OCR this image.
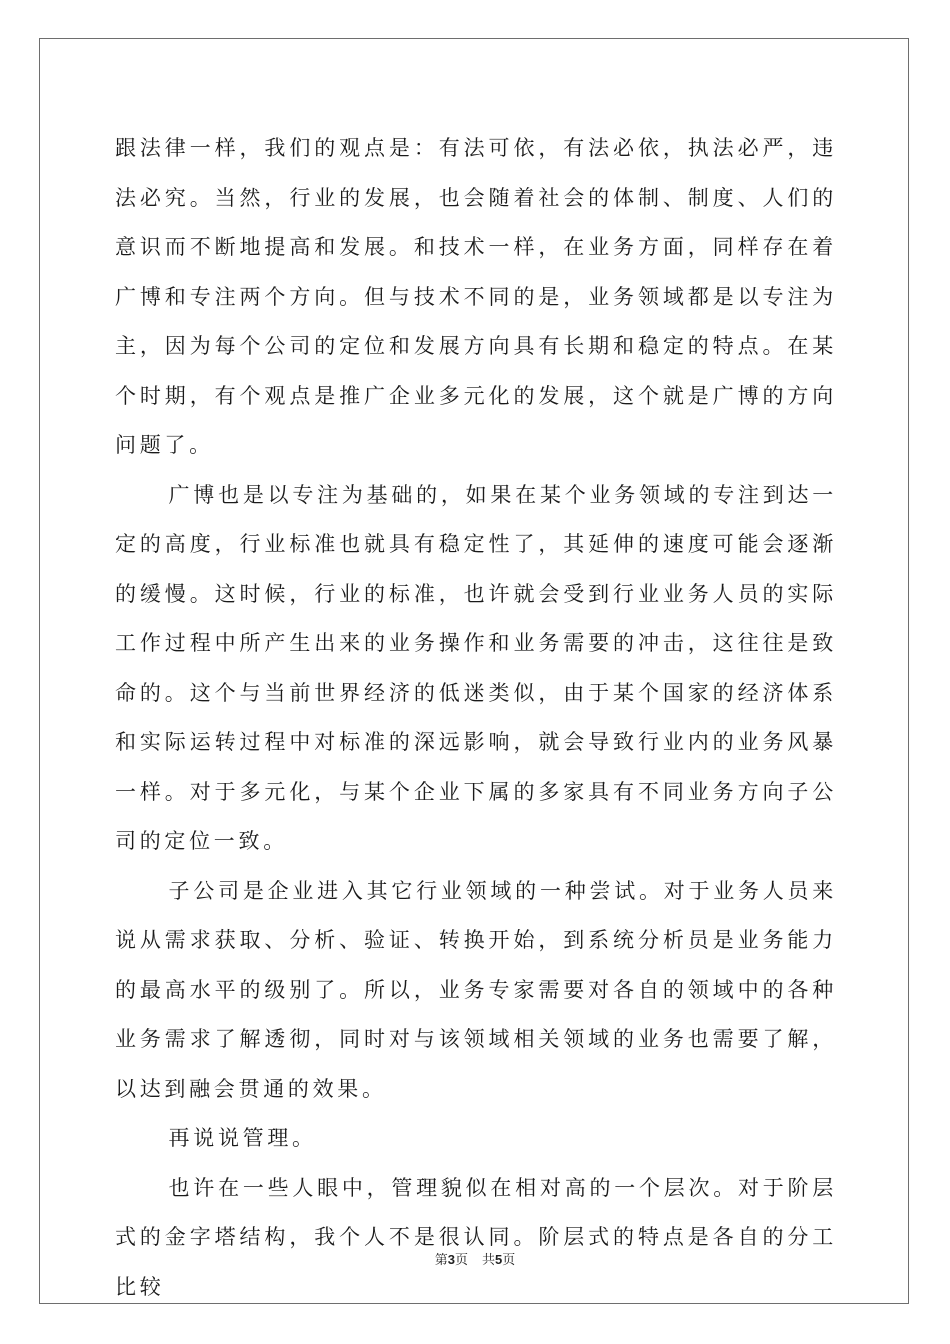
跟法律一样，我们的观点是：有法可依，有法必依，执法必严，违法必究。当然，行业的发展，也会随着社会的体制、制度、人们的意识而不断地提高和发展。和技术一样，在业务方面，同样存在着广博和专注两个方向。但与技术不同的是，业务领域都是以专注为主，因为每个公司的定位和发展方向具有长期和稳定的特点。在某个时期，有个观点是推广企业多元化的发展，这个就是广博的方向问题了。

广博也是以专注为基础的，如果在某个业务领域的专注到达一定的高度，行业标准也就具有稳定性了，其延伸的速度可能会逐渐的缓慢。这时候，行业的标准，也许就会受到行业业务人员的实际工作过程中所产生出来的业务操作和业务需要的冲击，这往往是致命的。这个与当前世界经济的低迷类似，由于某个国家的经济体系和实际运转过程中对标准的深远影响，就会导致行业内的业务风暴一样。对于多元化，与某个企业下属的多家具有不同业务方向子公司的定位一致。

子公司是企业进入其它行业领域的一种尝试。对于业务人员来说从需求获取、分析、验证、转换开始，到系统分析员是业务能力的最高水平的级别了。所以，业务专家需要对各自的领域中的各种业务需求了解透彻，同时对与该领域相关领域的业务也需要了解，以达到融会贯通的效果。

再说说管理。

也许在一些人眼中，管理貌似在相对高的一个层次。对于阶层式的金字塔结构，我个人不是很认同。阶层式的特点是各自的分工比较

第3页 共5页
